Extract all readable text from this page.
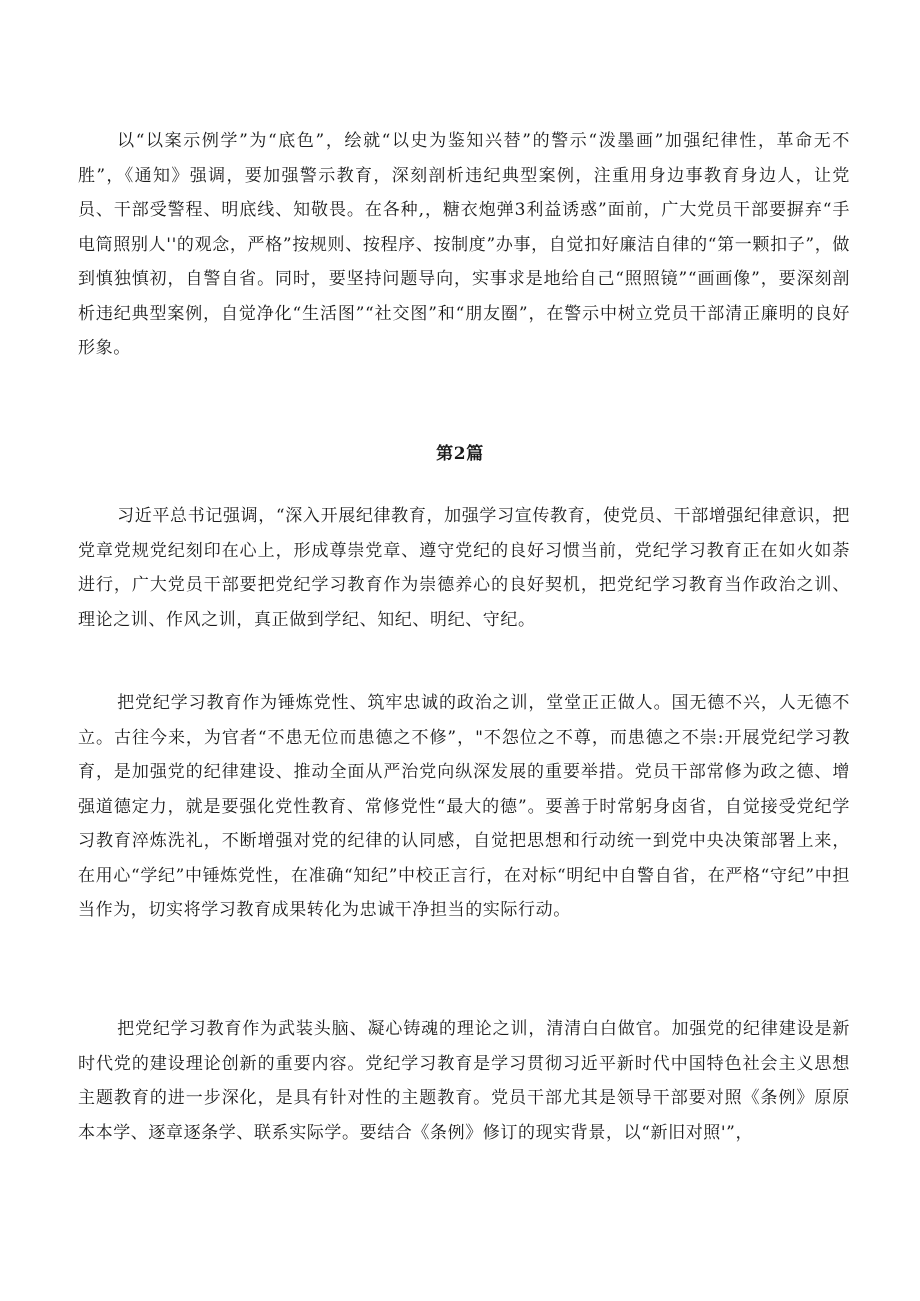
以“以案示例学”为“底色”，绘就“以史为鉴知兴替”的警示“泼墨画”加强纪律性，革命无不胜”，《通知》强调，要加强警示教育，深刻剖析违纪典型案例，注重用身边事教育身边人，让党员、干部受警程、明底线、知敬畏。在各种,，糖衣炮弹3利益诱惑”面前，广大党员干部要摒弃“手电筒照别人''的观念，严格”按规则、按程序、按制度”办事，自觉扣好廉洁自律的“第一颗扣子”，做到慎独慎初，自警自省。同时，要坚持问题导向，实事求是地给自己“照照镜”“画画像”，要深刻剖析违纪典型案例，自觉净化“生活图”“社交图”和“朋友圈”，在警示中树立党员干部清正廉明的良好形象。

第2篇

习近平总书记强调，“深入开展纪律教育，加强学习宣传教育，使党员、干部增强纪律意识，把党章党规党纪刻印在心上，形成尊崇党章、遵守党纪的良好习惯当前，党纪学习教育正在如火如荼进行，广大党员干部要把党纪学习教育作为崇德养心的良好契机，把党纪学习教育当作政治之训、理论之训、作风之训，真正做到学纪、知纪、明纪、守纪。

把党纪学习教育作为锤炼党性、筑牢忠诚的政治之训，堂堂正正做人。国无德不兴，人无德不立。古往今来，为官者“不患无位而患德之不修”，"不怨位之不尊，而患德之不崇:开展党纪学习教育，是加强党的纪律建设、推动全面从严治党向纵深发展的重要举措。党员干部常修为政之德、增强道德定力，就是要强化党性教育、常修党性“最大的德”。要善于时常躬身卤省，自觉接受党纪学习教育淬炼洗礼，不断增强对党的纪律的认同感，自觉把思想和行动统一到党中央决策部署上来，在用心“学纪”中锤炼党性，在准确“知纪”中校正言行，在对标“明纪中自警自省，在严格“守纪”中担当作为，切实将学习教育成果转化为忠诚干净担当的实际行动。

把党纪学习教育作为武装头脑、凝心铸魂的理论之训，清清白白做官。加强党的纪律建设是新时代党的建设理论创新的重要内容。党纪学习教育是学习贯彻习近平新时代中国特色社会主义思想主题教育的进一步深化，是具有针对性的主题教育。党员干部尤其是领导干部要对照《条例》原原本本学、逐章逐条学、联系实际学。要结合《条例》修订的现实背景，以“新旧对照'”，
